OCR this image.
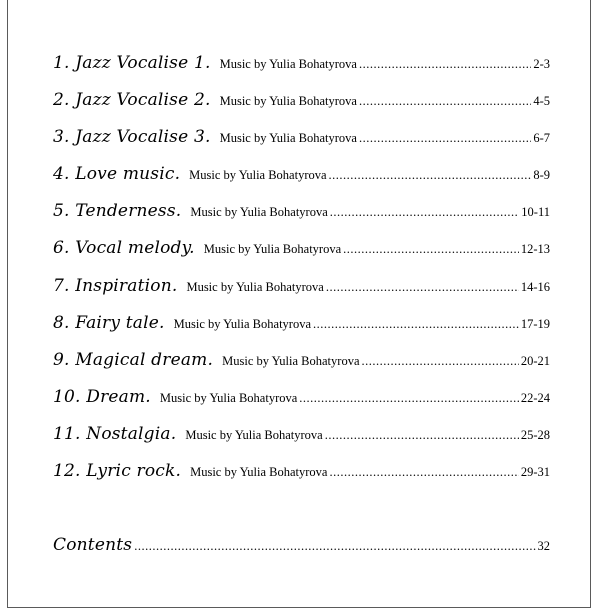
1. Jazz Vocalise 1. Music by Yulia Bohatyrova .....	2-3
2. Jazz Vocalise 2. Music by Yulia Bohatyrova .....	4-5
3. Jazz Vocalise 3. Music by Yulia Bohatyrova .....	6-7
4. Love music. Music by Yulia Bohatyrova .....	8-9
5. Tenderness. Music by Yulia Bohatyrova .....	10-11
6. Vocal melody. Music by Yulia Bohatyrova .....	12-13
7. Inspiration. Music by Yulia Bohatyrova .....	14-16
8. Fairy tale. Music by Yulia Bohatyrova .....	17-19
9. Magical dream. Music by Yulia Bohatyrova .....	20-21
10. Dream. Music by Yulia Bohatyrova .....	22-24
11. Nostalgia. Music by Yulia Bohatyrova .....	25-28
12. Lyric rock. Music by Yulia Bohatyrova .....	29-31
Contents .....	32
